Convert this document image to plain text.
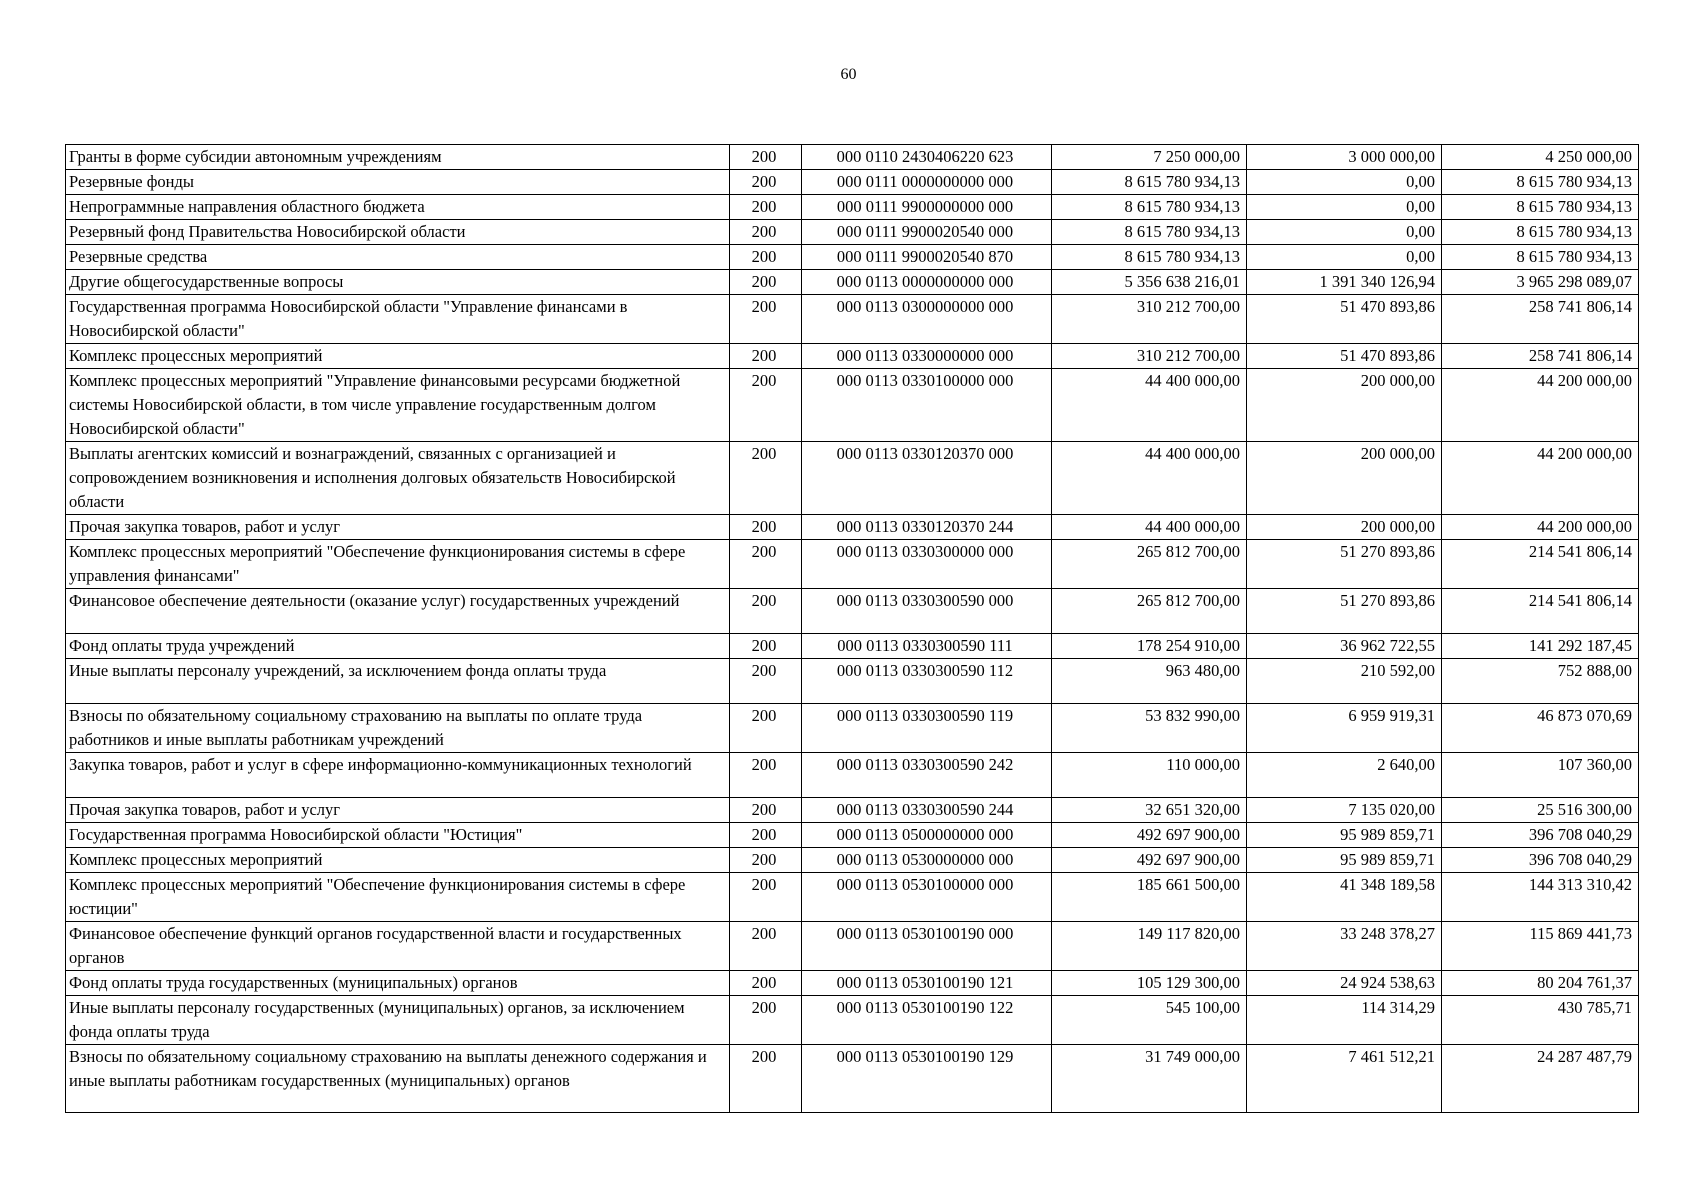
60
Гранты в форме субсидии автономным учреждениям	200	000 0110 2430406220 623	7 250 000,00	3 000 000,00	4 250 000,00
Резервные фонды	200	000 0111 0000000000 000	8 615 780 934,13	0,00	8 615 780 934,13
Непрограммные направления областного бюджета	200	000 0111 9900000000 000	8 615 780 934,13	0,00	8 615 780 934,13
Резервный фонд Правительства Новосибирской области	200	000 0111 9900020540 000	8 615 780 934,13	0,00	8 615 780 934,13
Резервные средства	200	000 0111 9900020540 870	8 615 780 934,13	0,00	8 615 780 934,13
Другие общегосударственные вопросы	200	000 0113 0000000000 000	5 356 638 216,01	1 391 340 126,94	3 965 298 089,07
Государственная программа Новосибирской области "Управление финансами в Новосибирской области"	200	000 0113 0300000000 000	310 212 700,00	51 470 893,86	258 741 806,14
Комплекс процессных мероприятий	200	000 0113 0330000000 000	310 212 700,00	51 470 893,86	258 741 806,14
Комплекс процессных мероприятий "Управление финансовыми ресурсами бюджетной системы Новосибирской области, в том числе управление государственным долгом Новосибирской области"	200	000 0113 0330100000 000	44 400 000,00	200 000,00	44 200 000,00
Выплаты агентских комиссий и вознаграждений, связанных с организацией и сопровождением возникновения и исполнения долговых обязательств Новосибирской области	200	000 0113 0330120370 000	44 400 000,00	200 000,00	44 200 000,00
Прочая закупка товаров, работ и услуг	200	000 0113 0330120370 244	44 400 000,00	200 000,00	44 200 000,00
Комплекс процессных мероприятий "Обеспечение функционирования системы в сфере управления финансами"	200	000 0113 0330300000 000	265 812 700,00	51 270 893,86	214 541 806,14
Финансовое обеспечение деятельности (оказание услуг) государственных учреждений	200	000 0113 0330300590 000	265 812 700,00	51 270 893,86	214 541 806,14
Фонд оплаты труда учреждений	200	000 0113 0330300590 111	178 254 910,00	36 962 722,55	141 292 187,45
Иные выплаты персоналу учреждений, за исключением фонда оплаты труда	200	000 0113 0330300590 112	963 480,00	210 592,00	752 888,00
Взносы по обязательному социальному страхованию на выплаты по оплате труда работников и иные выплаты работникам учреждений	200	000 0113 0330300590 119	53 832 990,00	6 959 919,31	46 873 070,69
Закупка товаров, работ и услуг в сфере информационно-коммуникационных технологий	200	000 0113 0330300590 242	110 000,00	2 640,00	107 360,00
Прочая закупка товаров, работ и услуг	200	000 0113 0330300590 244	32 651 320,00	7 135 020,00	25 516 300,00
Государственная программа Новосибирской области "Юстиция"	200	000 0113 0500000000 000	492 697 900,00	95 989 859,71	396 708 040,29
Комплекс процессных мероприятий	200	000 0113 0530000000 000	492 697 900,00	95 989 859,71	396 708 040,29
Комплекс процессных мероприятий "Обеспечение функционирования системы в сфере юстиции"	200	000 0113 0530100000 000	185 661 500,00	41 348 189,58	144 313 310,42
Финансовое обеспечение функций органов государственной власти и государственных органов	200	000 0113 0530100190 000	149 117 820,00	33 248 378,27	115 869 441,73
Фонд оплаты труда государственных (муниципальных) органов	200	000 0113 0530100190 121	105 129 300,00	24 924 538,63	80 204 761,37
Иные выплаты персоналу государственных (муниципальных) органов, за исключением фонда оплаты труда	200	000 0113 0530100190 122	545 100,00	114 314,29	430 785,71
Взносы по обязательному социальному страхованию на выплаты денежного содержания и иные выплаты работникам государственных (муниципальных) органов	200	000 0113 0530100190 129	31 749 000,00	7 461 512,21	24 287 487,79
